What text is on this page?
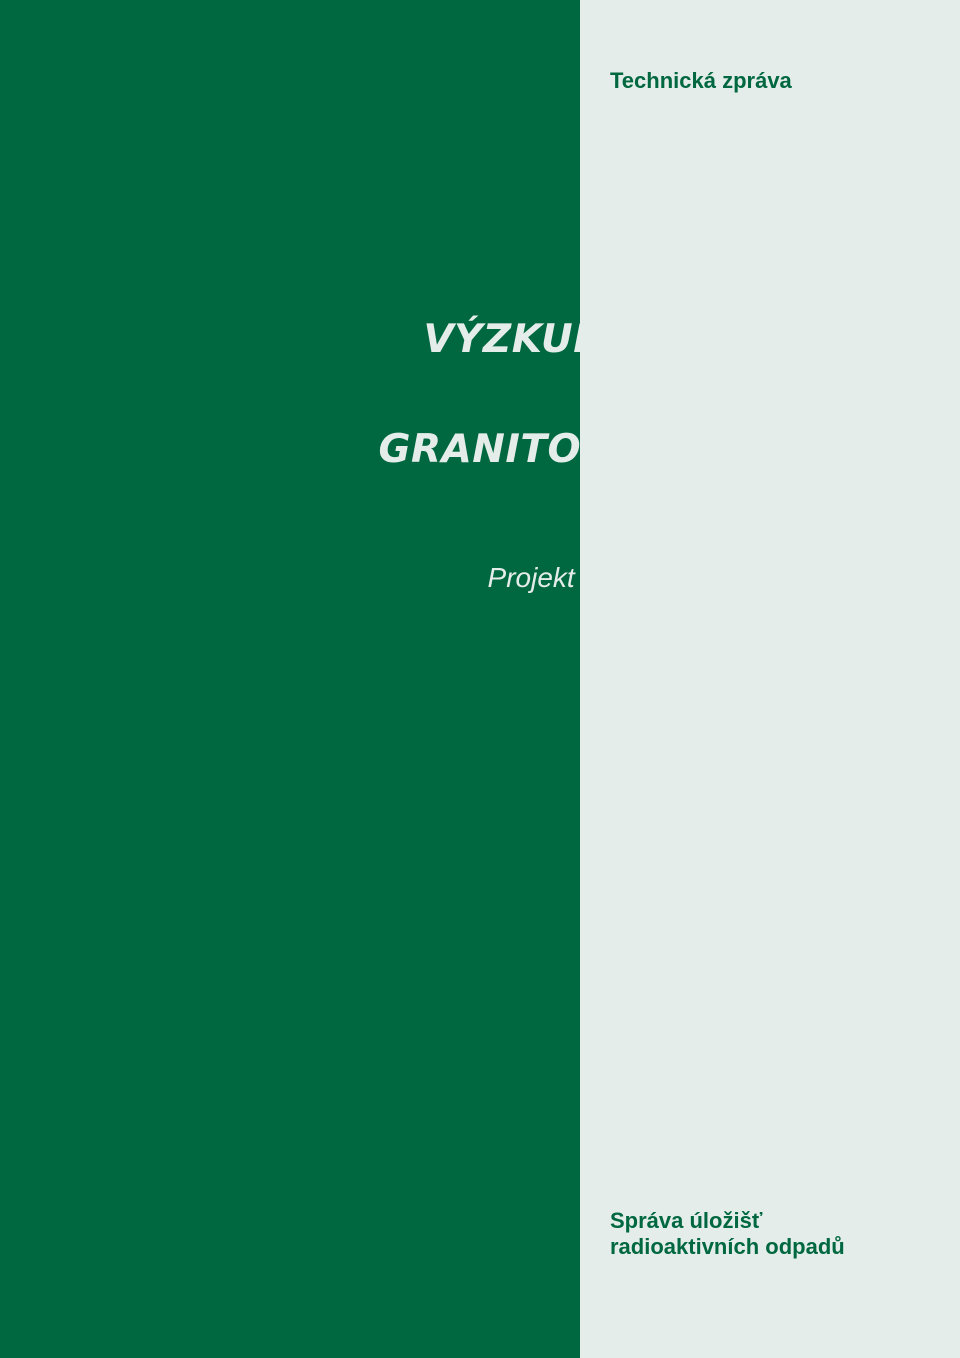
Technická zpráva
VÝZKUM HOMOGENITY
VYBRANÝCH
GRANITOIDNÍCH MASÍVŮ
Projekt prací na hypotetické lokalitě
Ústav jaderného výzkumu Řež a.s.
Září 1999
Správa úložišť
radioaktivních odpadů
